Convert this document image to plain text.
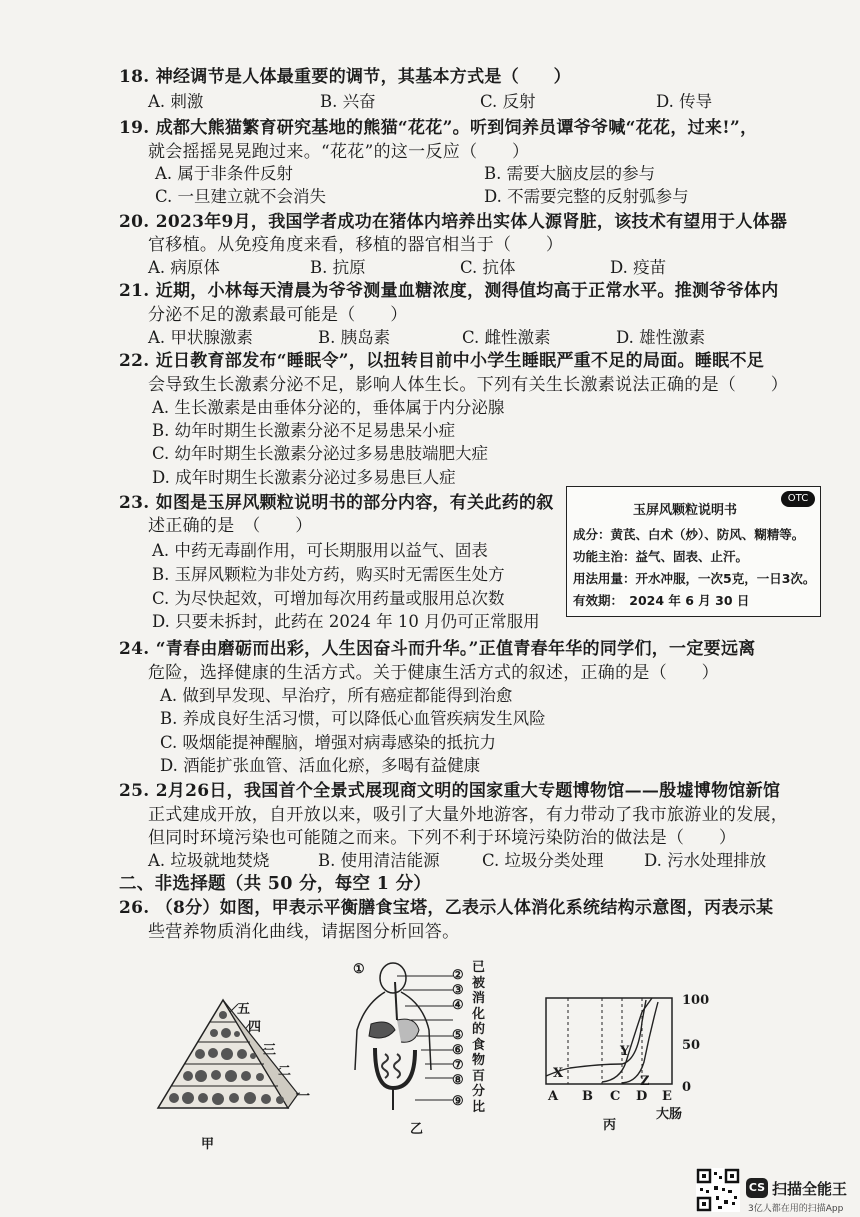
18. 神经调节是人体最重要的调节，其基本方式是（　　）
A. 刺激	B. 兴奋	C. 反射	D. 传导
19. 成都大熊猫繁育研究基地的熊猫“花花”。听到饲养员谭爷爷喊“花花，过来!”，
就会摇摇晃晃跑过来。“花花”的这一反应（　　）
A. 属于非条件反射	B. 需要大脑皮层的参与
C. 一旦建立就不会消失	D. 不需要完整的反射弧参与
20. 2023年9月，我国学者成功在猪体内培养出实体人源肾脏，该技术有望用于人体器
官移植。从免疫角度来看，移植的器官相当于（　　）
A. 病原体	B. 抗原	C. 抗体	D. 疫苗
21. 近期，小林每天清晨为爷爷测量血糖浓度，测得值均高于正常水平。推测爷爷体内
分泌不足的激素最可能是（　　）
A. 甲状腺激素	B. 胰岛素	C. 雌性激素	D. 雄性激素
22. 近日教育部发布“睡眠令”，以扭转目前中小学生睡眠严重不足的局面。睡眠不足
会导致生长激素分泌不足，影响人体生长。下列有关生长激素说法正确的是（　　）
A. 生长激素是由垂体分泌的，垂体属于内分泌腺
B. 幼年时期生长激素分泌不足易患呆小症
C. 幼年时期生长激素分泌过多易患肢端肥大症
D. 成年时期生长激素分泌过多易患巨人症
23. 如图是玉屏风颗粒说明书的部分内容，有关此药的叙
述正确的是　（　　）
A. 中药无毒副作用，可长期服用以益气、固表
B. 玉屏风颗粒为非处方药，购买时无需医生处方
C. 为尽快起效，可增加每次用药量或服用总次数
D. 只要未拆封，此药在 2024 年 10 月仍可正常服用
玉屏风颗粒说明书
OTC
成分：黄芪、白术（炒）、防风、糊精等。
功能主治：益气、固表、止汗。
用法用量：开水冲服，一次5克，一日3次。
有效期：　2024 年 6 月 30 日
24. “青春由磨砺而出彩，人生因奋斗而升华。”正值青春年华的同学们，一定要远离
危险，选择健康的生活方式。关于健康生活方式的叙述，正确的是（　　）
A. 做到早发现、早治疗，所有癌症都能得到治愈
B. 养成良好生活习惯，可以降低心血管疾病发生风险
C. 吸烟能提神醒脑，增强对病毒感染的抵抗力
D. 酒能扩张血管、活血化瘀，多喝有益健康
25. 2月26日，我国首个全景式展现商文明的国家重大专题博物馆——殷墟博物馆新馆
正式建成开放，自开放以来，吸引了大量外地游客，有力带动了我市旅游业的发展，
但同时环境污染也可能随之而来。下列不利于环境污染防治的做法是（　　）
A. 垃圾就地焚烧	B. 使用清洁能源	C. 垃圾分类处理 D. 污水处理排放
二、非选择题（共 50 分，每空 1 分）
26. （8分）如图，甲表示平衡膳食宝塔，乙表示人体消化系统结构示意图，丙表示某
些营养物质消化曲线，请据图分析回答。
五
四
三
二
一
甲
①	②
③
④
⑤
⑥
⑦
⑧
⑨
已
被
消
化
的
食
物
百
分
比
乙
100
50
0
X
Y
Z
A B C D E
大肠
丙
CS 扫描全能王
3亿人都在用的扫描App
